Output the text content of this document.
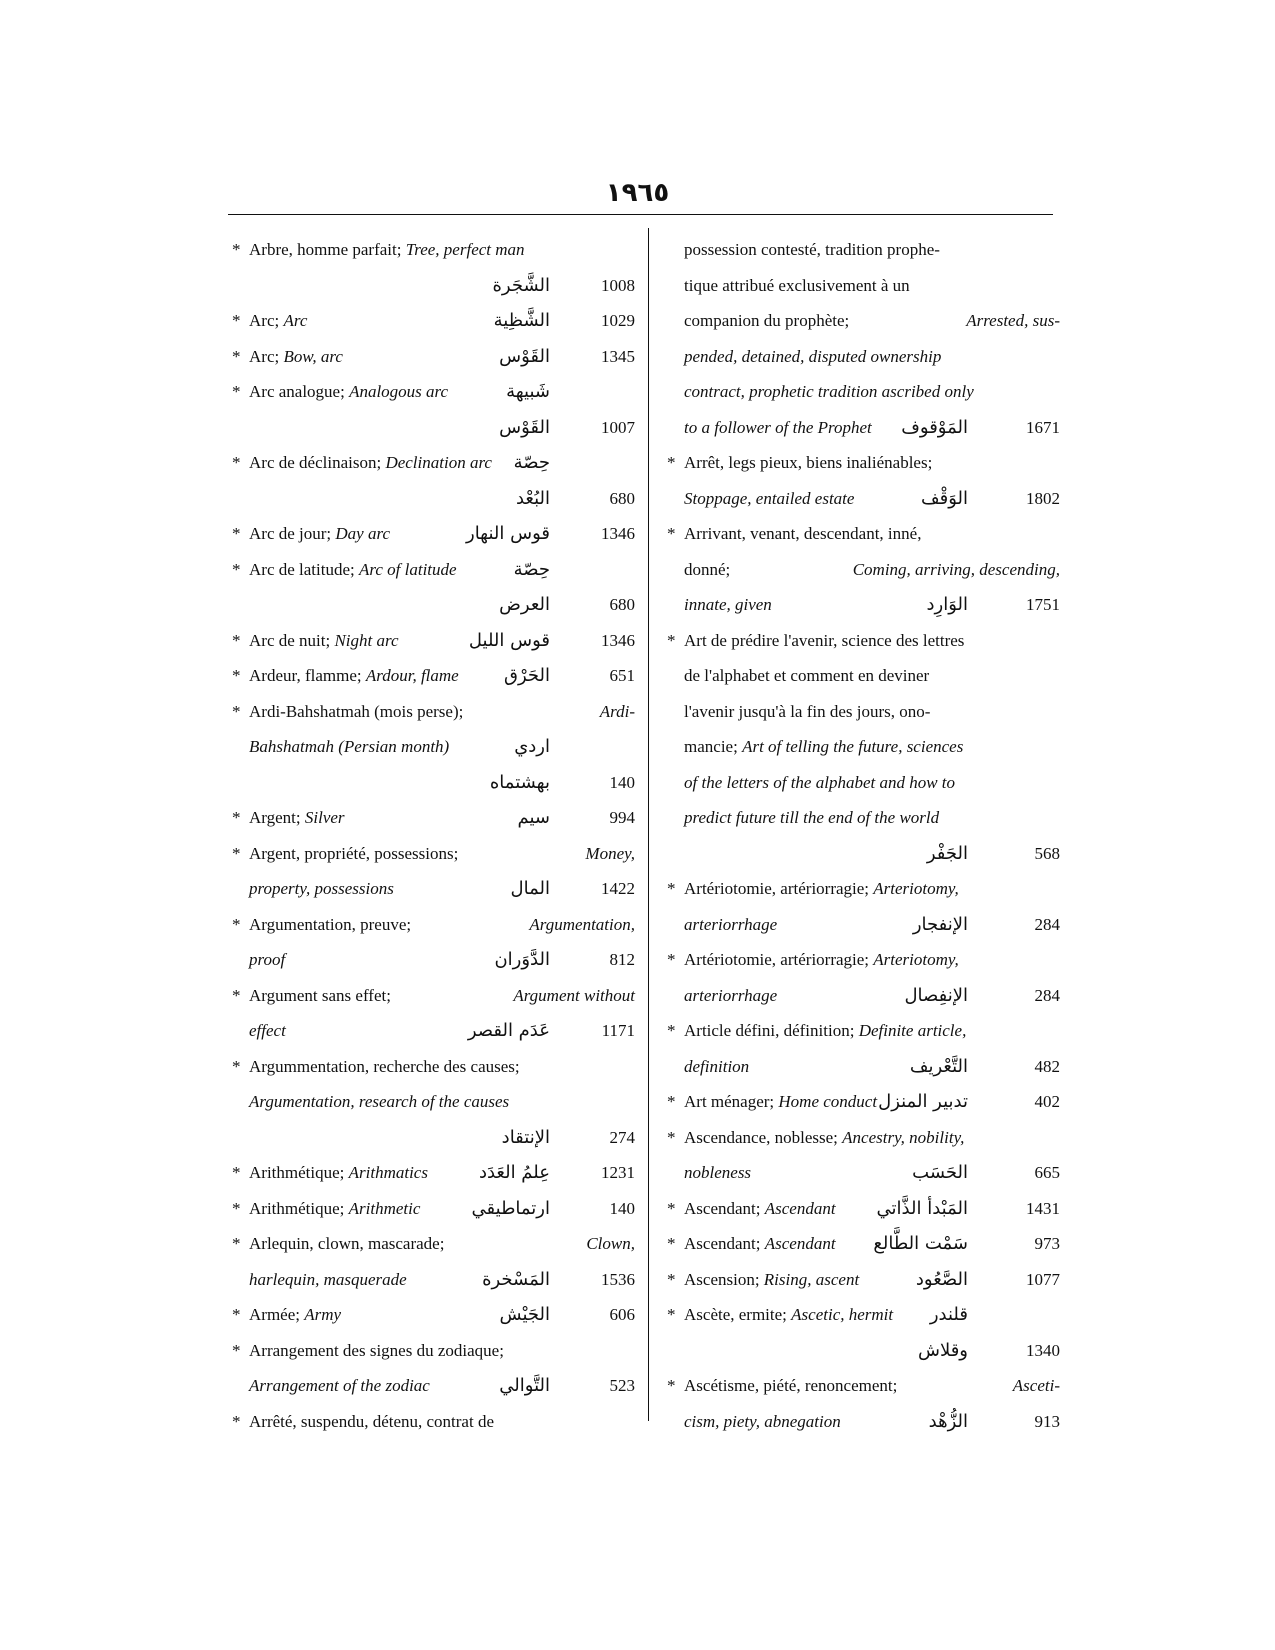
١٩٦٥
* Arbre, homme parfait; Tree, perfect man
الشَّجَرة	1008
* Arc; Arc	الشَّظِية	1029
* Arc; Bow, arc	القَوْس	1345
* Arc analogue; Analogous arc	شَبيهة
القَوْس	1007
* Arc de déclinaison; Declination arc حِصّة
البُعْد	680
* Arc de jour; Day arc	قوس النهار	1346
* Arc de latitude; Arc of latitude	حِصّة
العرض	680
* Arc de nuit; Night arc	قوس الليل	1346
* Ardeur, flamme; Ardour, flame	الحَرْق	651
* Ardi-Bahshatmah (mois perse);	Ardi-
Bahshatmah (Persian month)	اردي
بهشتماه	140
* Argent; Silver	سيم	994
* Argent, propriété, possessions;	Money,
property, possessions	المال	1422
* Argumentation, preuve;	Argumentation,
proof	الدَّوَران	812
* Argument sans effet;	Argument without
effect	عَدَم القصر	1171
* Argummentation, recherche des causes;
Argumentation, research of the causes
الإنتقاد	274
* Arithmétique; Arithmatics	عِلمُ العَدَد	1231
* Arithmétique; Arithmetic	ارتماطيقي	140
* Arlequin, clown, mascarade;	Clown,
harlequin, masquerade	المَسْخرة	1536
* Armée; Army	الجَيْش	606
* Arrangement des signes du zodiaque;
Arrangement of the zodiac	التَّوالي	523
* Arrêté, suspendu, détenu, contrat de
possession contesté, tradition prophe-
tique attribué exclusivement à un
companion du prophète;	Arrested, sus-
pended, detained, disputed ownership
contract, prophetic tradition ascribed only
to a follower of the Prophet المَوْقوف	1671
* Arrêt, legs pieux, biens inaliénables;
Stoppage, entailed estate	الوَقْف	1802
* Arrivant, venant, descendant, inné,
donné;	Coming, arriving, descending,
innate, given	الوَارِد	1751
* Art de prédire l'avenir, science des lettres
de l'alphabet et comment en deviner
l'avenir jusqu'à la fin des jours, ono-
mancie; Art of telling the future, sciences
of the letters of the alphabet and how to
predict future till the end of the world
الجَفْر	568
* Artériotomie, artériorragie; Arteriotomy,
arteriorrhage	الإنفجار	284
* Artériotomie, artériorragie; Arteriotomy,
arteriorrhage	الإنفِصال	284
* Article défini, définition; Definite article,
definition	التَّعْريف	482
* Art ménager; Home conduct تدبير المنزل	402
* Ascendance, noblesse; Ancestry, nobility,
nobleness	الحَسَب	665
* Ascendant; Ascendant المَبْدأ الذَّاتي	1431
* Ascendant; Ascendant سَمْت الطَّالع	973
* Ascension; Rising, ascent	الصَّعُود	1077
* Ascète, ermite; Ascetic, hermit قلندر
وقلاش	1340
* Ascétisme, piété, renoncement;	Asceti-
cism, piety, abnegation	الزُّهْد	913
